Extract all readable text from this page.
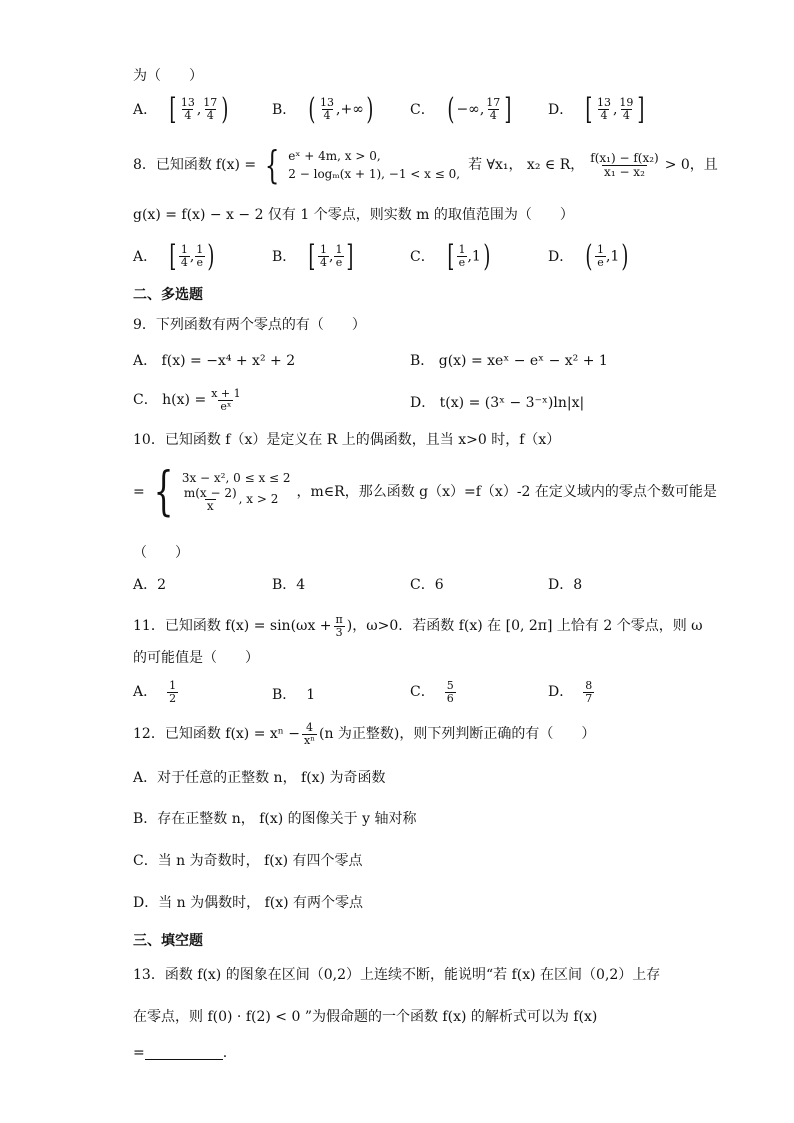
为（　　）
A． [ $\frac{13}{4}$ , $\frac{17}{4}$ )	B． ( $\frac{13}{4}$ ,+∞)	C． ( −∞, $\frac{17}{4}$ ]	D． [ $\frac{13}{4}$ , $\frac{19}{4}$ ]
8．已知函数 f(x) = { eˣ + 4m, x > 0,
2 − logₘ(x + 1), −1 < x ≤ 0,
若 ∀x₁， x₂ ∈ R， $\frac{\text{f(x₁) − f(x₂)}}{\text{x₁ − x₂}} > 0$，且
g(x) = f(x) − x − 2 仅有 1 个零点，则实数 m 的取值范围为（　　）
A． [ $\frac{1}{4}$ , $\frac{1}{e}$ )	B． [ $\frac{1}{4}$ , $\frac{1}{e}$ ]	C． [ $\frac{1}{e} ,1$)	D． ( $\frac{1}{e} ,1$)
二、多选题
9．下列函数有两个零点的有（　　）
A． f(x) = −x⁴ + x² + 2	B． g(x) = xeˣ − eˣ − x² + 1
C． $h(x) = \frac{x + 1}{\text{eˣ}}$	D． t(x) = (3ˣ − 3⁻ˣ)ln|x|
10．已知函数 f（x）是定义在 R 上的偶函数，且当 x>0 时，f（x）
= { 3x − x², 0 ≤ x ≤ 2
$\frac{m(x - 2)}{x}$ , x > 2 ，m∈R，那么函数 g（x）=f（x）-2 在定义域内的零点个数可能是
（　　）
A．2	B．4	C．6	D．8
11．已知函数 $f(x) = \sin(\omega x + \frac{\pi}{3}$ )，ω>0．若函数 f(x) 在 [0, 2π] 上恰有 2 个零点，则 ω
的可能值是（　　）
A． $\frac{1}{2}$	B． 1	C． $\frac{5}{6}$	D． $\frac{8}{7}$
12．已知函数 $f(x) = x^n - \frac{4}{\text{xⁿ}} (n$ 为正整数)，则下列判断正确的有（　　）
A．对于任意的正整数 n， f(x) 为奇函数
B．存在正整数 n， f(x) 的图像关于 y 轴对称
C．当 n 为奇数时， f(x) 有四个零点
D．当 n 为偶数时， f(x) 有两个零点
三、填空题
13．函数 f(x) 的图象在区间（0,2）上连续不断，能说明“若 f(x) 在区间（0,2）上存
在零点，则 f(0) · f(2) < 0 ”为假命题的一个函数 f(x) 的解析式可以为 f(x)
=	.
